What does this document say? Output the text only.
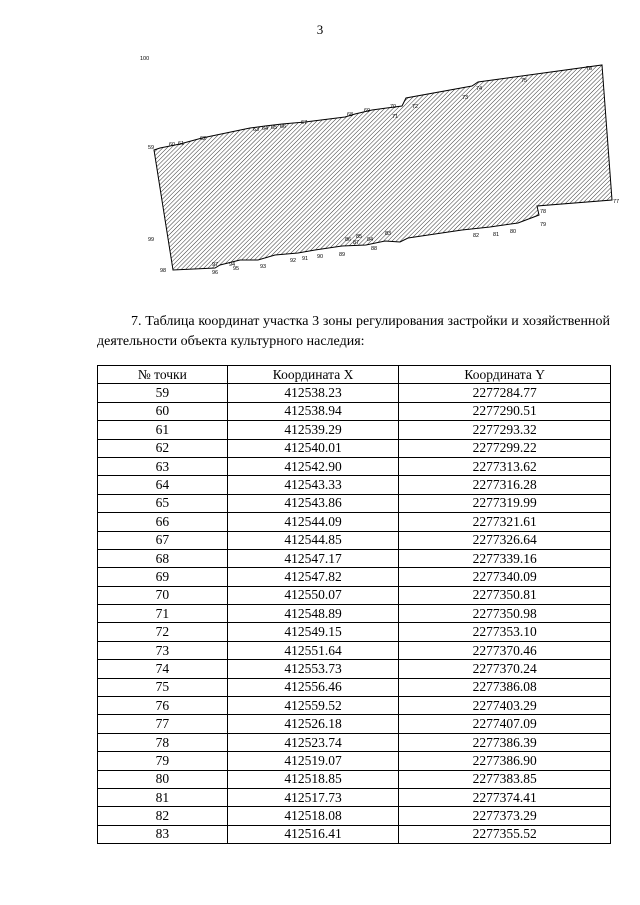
3
59	60 61
62
63 64 65 66
67
68
69
70
71
72
73
74
75
76
77
78
79
80
81
82
83
84
85
86 87
88
89
90
91
92
93
94
95
96
97
98
99
100
7. Таблица координат участка 3 зоны регулирования застройки и хозяйственной деятельности объекта культурного наследия:
№ точки	Координата X	Координата Y
59	412538.23	2277284.77
60	412538.94	2277290.51
61	412539.29	2277293.32
62	412540.01	2277299.22
63	412542.90	2277313.62
64	412543.33	2277316.28
65	412543.86	2277319.99
66	412544.09	2277321.61
67	412544.85	2277326.64
68	412547.17	2277339.16
69	412547.82	2277340.09
70	412550.07	2277350.81
71	412548.89	2277350.98
72	412549.15	2277353.10
73	412551.64	2277370.46
74	412553.73	2277370.24
75	412556.46	2277386.08
76	412559.52	2277403.29
77	412526.18	2277407.09
78	412523.74	2277386.39
79	412519.07	2277386.90
80	412518.85	2277383.85
81	412517.73	2277374.41
82	412518.08	2277373.29
83	412516.41	2277355.52
